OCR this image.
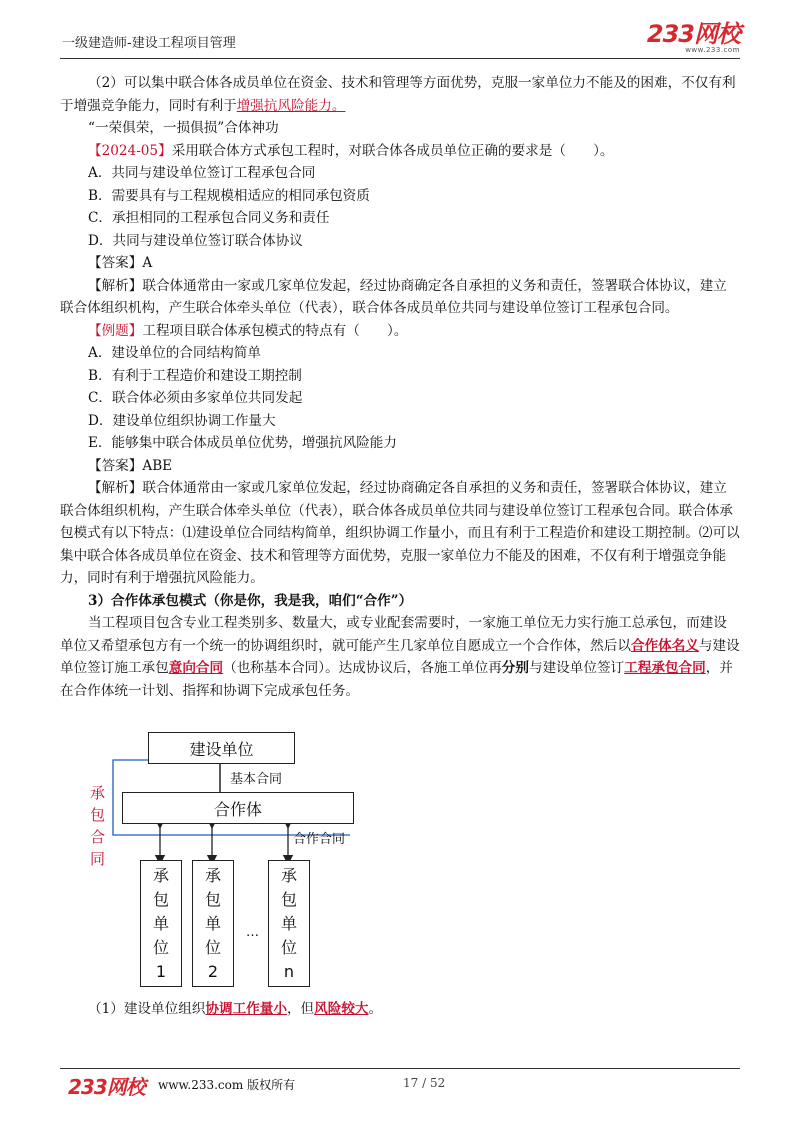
一级建造师-建设工程项目管理	233网校
www.233.com

（2）可以集中联合体各成员单位在资金、技术和管理等方面优势，克服一家单位力不能及的困难，不仅有利于增强竞争能力，同时有利于增强抗风险能力。

“一荣俱荣，一损俱损”合体神功

【2024-05】采用联合体方式承包工程时，对联合体各成员单位正确的要求是（　　）。

A．共同与建设单位签订工程承包合同

B．需要具有与工程规模相适应的相同承包资质

C．承担相同的工程承包合同义务和责任

D．共同与建设单位签订联合体协议

【答案】A

【解析】联合体通常由一家或几家单位发起，经过协商确定各自承担的义务和责任，签署联合体协议，建立联合体组织机构，产生联合体牵头单位（代表），联合体各成员单位共同与建设单位签订工程承包合同。

【例题】工程项目联合体承包模式的特点有（　　）。

A．建设单位的合同结构简单

B．有利于工程造价和建设工期控制

C．联合体必须由多家单位共同发起

D．建设单位组织协调工作量大

E．能够集中联合体成员单位优势，增强抗风险能力

【答案】ABE

【解析】联合体通常由一家或几家单位发起，经过协商确定各自承担的义务和责任，签署联合体协议，建立联合体组织机构，产生联合体牵头单位（代表），联合体各成员单位共同与建设单位签订工程承包合同。联合体承包模式有以下特点：⑴建设单位合同结构简单，组织协调工作量小，而且有利于工程造价和建设工期控制。⑵可以集中联合体各成员单位在资金、技术和管理等方面优势，克服一家单位力不能及的困难，不仅有利于增强竞争能力，同时有利于增强抗风险能力。

3）合作体承包模式（你是你，我是我，咱们“合作”）

当工程项目包含专业工程类别多、数量大，或专业配套需要时，一家施工单位无力实行施工总承包，而建设单位又希望承包方有一个统一的协调组织时，就可能产生几家单位自愿成立一个合作体，然后以合作体名义与建设单位签订施工承包意向合同（也称基本合同）。达成协议后，各施工单位再分别与建设单位签订工程承包合同，并在合作体统一计划、指挥和协调下完成承包任务。

建设单位
基本合同
合作体
合作合同
承包合同
承包单位1
承包单位2
…
承包单位n

（1）建设单位组织协调工作量小，但风险较大。

233网校 www.233.com 版权所有	17 / 52
